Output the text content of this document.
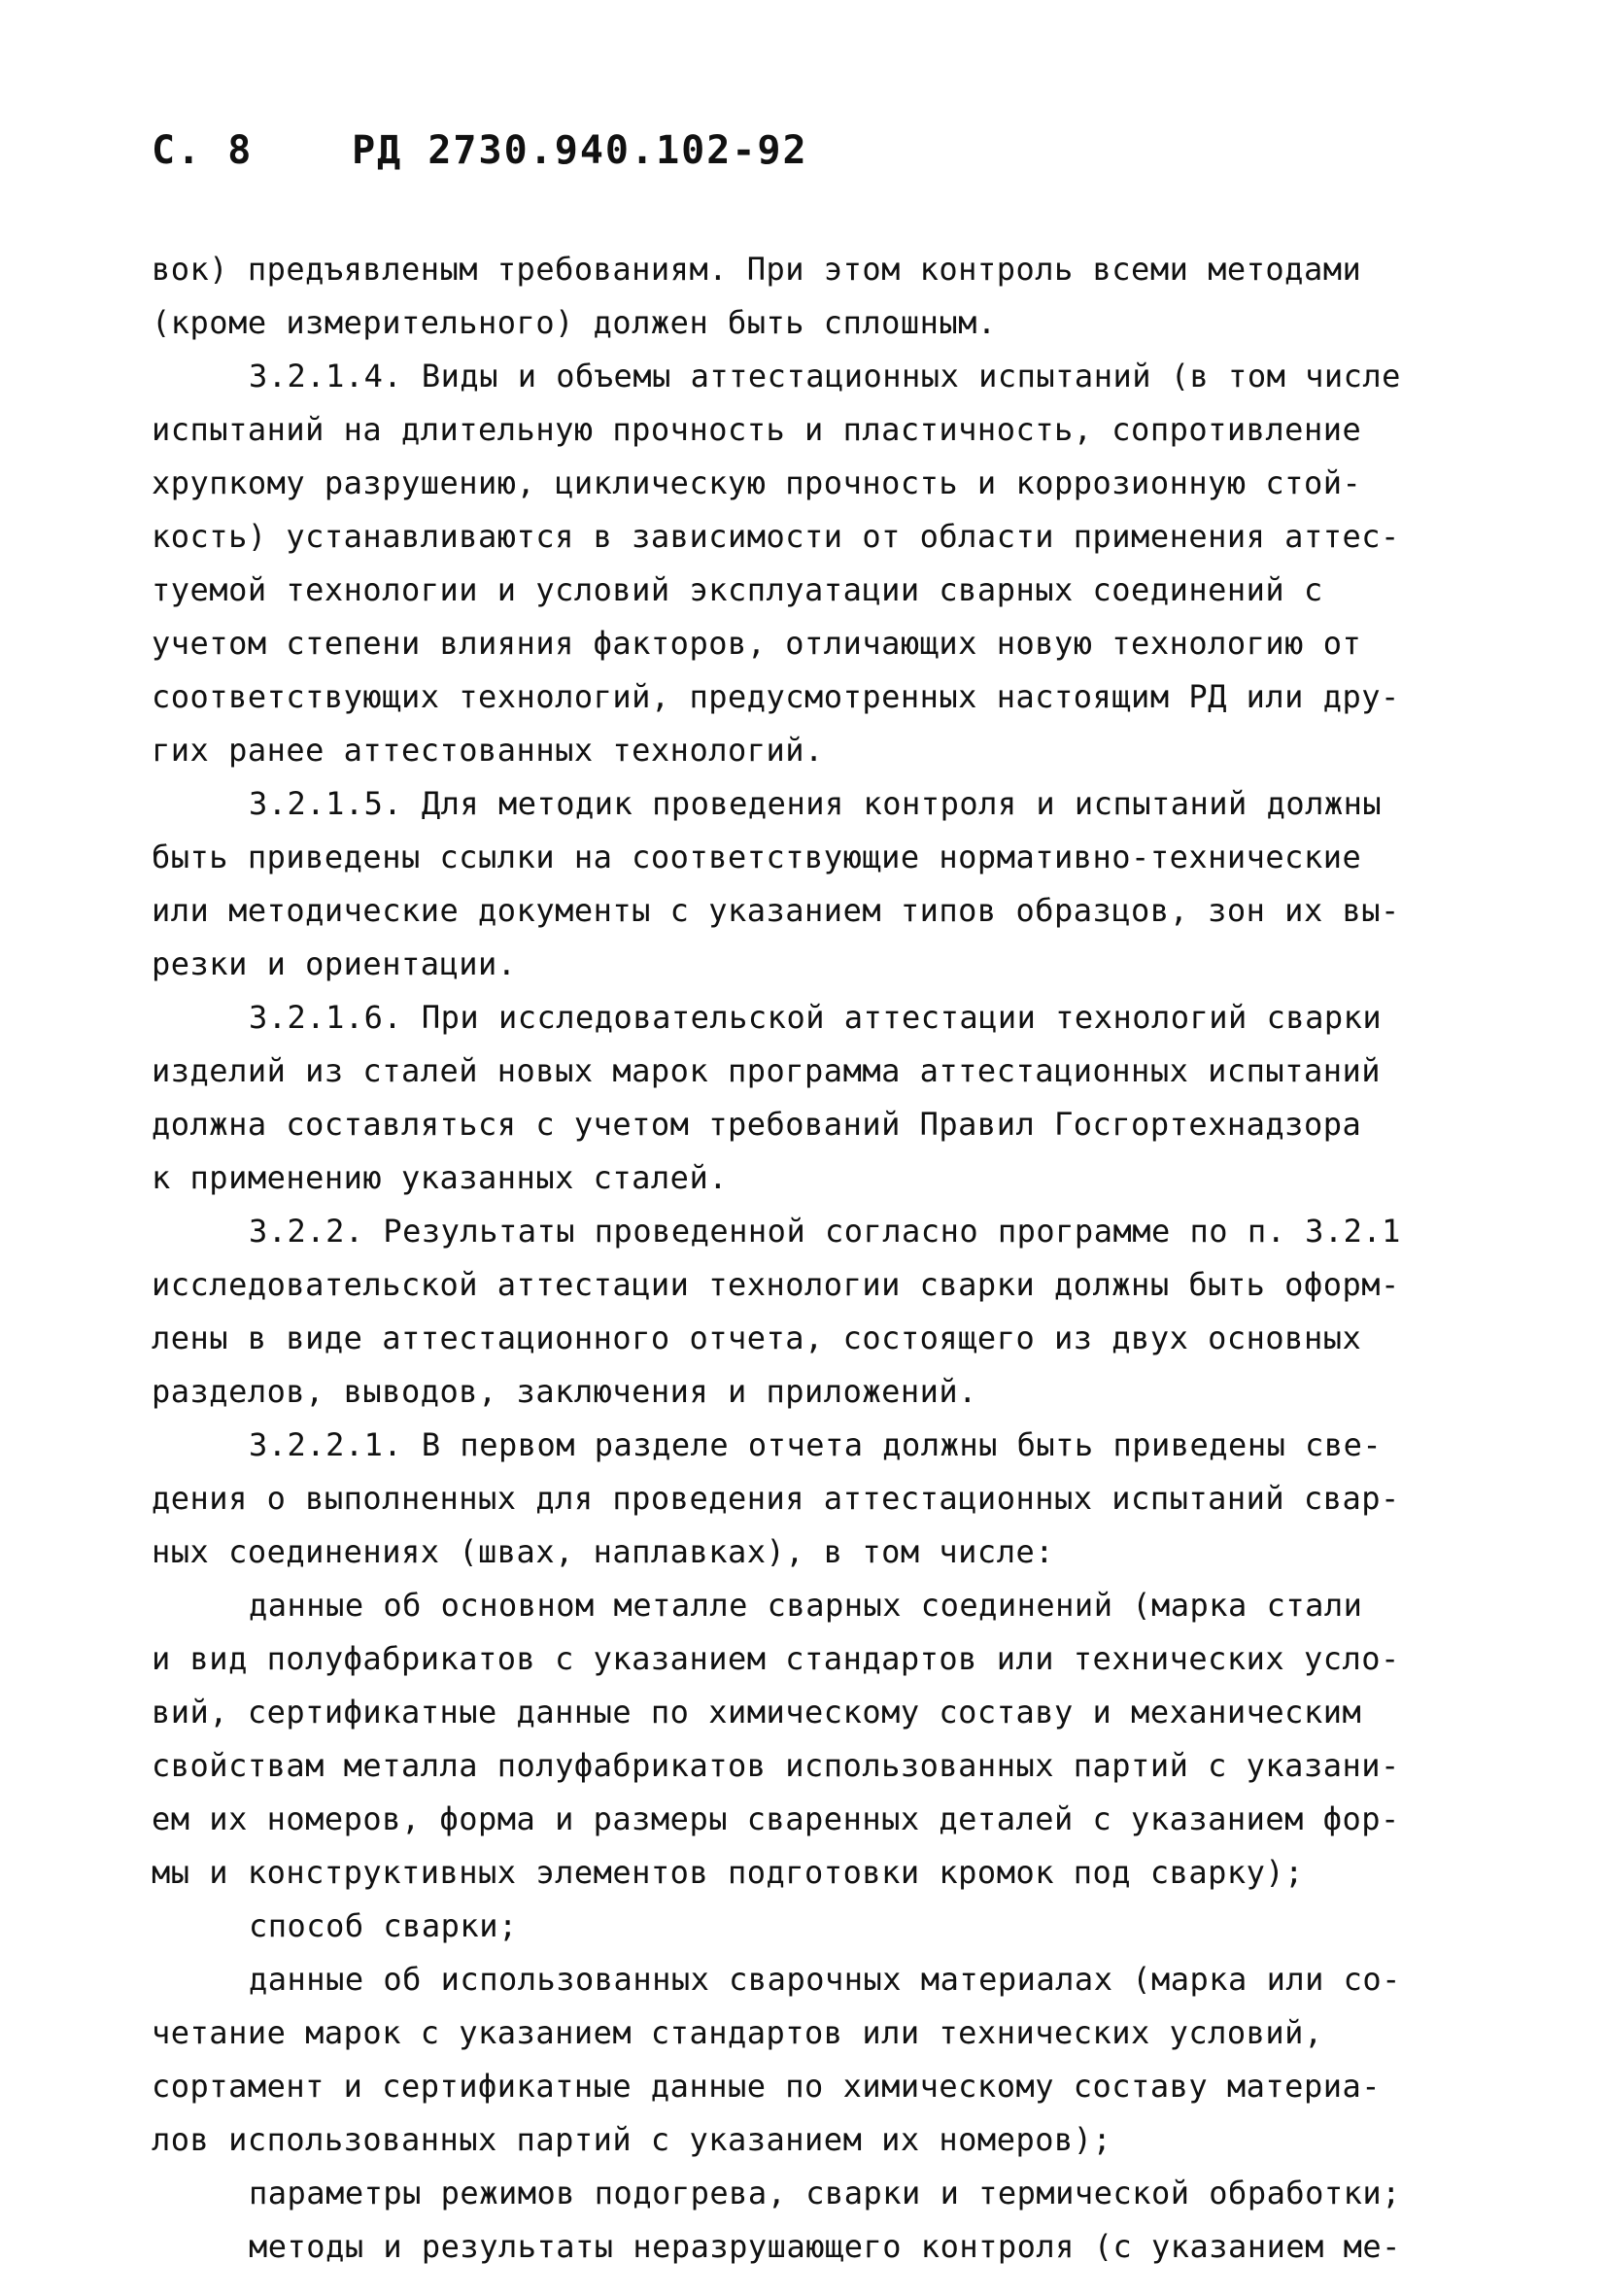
С. 8	РД 2730.940.102-92
вок) предъявленым требованиям. При этом контроль всеми методами
(кроме измерительного) должен быть сплошным.
3.2.1.4. Виды и объемы аттестационных испытаний (в том числе
испытаний на длительную прочность и пластичность, сопротивление
хрупкому разрушению, циклическую прочность и коррозионную стой-
кость) устанавливаются в зависимости от области применения аттес-
туемой технологии и условий эксплуатации сварных соединений с
учетом степени влияния факторов, отличающих новую технологию от
соответствующих технологий, предусмотренных настоящим РД или дру-
гих ранее аттестованных технологий.
3.2.1.5. Для методик проведения контроля и испытаний должны
быть приведены ссылки на соответствующие нормативно-технические
или методические документы с указанием типов образцов, зон их вы-
резки и ориентации.
3.2.1.6. При исследовательской аттестации технологий сварки
изделий из сталей новых марок программа аттестационных испытаний
должна составляться с учетом требований Правил Госгортехнадзора
к применению указанных сталей.
3.2.2. Результаты проведенной согласно программе по п. 3.2.1
исследовательской аттестации технологии сварки должны быть оформ-
лены в виде аттестационного отчета, состоящего из двух основных
разделов, выводов, заключения и приложений.
3.2.2.1. В первом разделе отчета должны быть приведены све-
дения о выполненных для проведения аттестационных испытаний свар-
ных соединениях (швах, наплавках), в том числе:
данные об основном металле сварных соединений (марка стали
и вид полуфабрикатов с указанием стандартов или технических усло-
вий, сертификатные данные по химическому составу и механическим
свойствам металла полуфабрикатов использованных партий с указани-
ем их номеров, форма и размеры сваренных деталей с указанием фор-
мы и конструктивных элементов подготовки кромок под сварку);
способ сварки;
данные об использованных сварочных материалах (марка или со-
четание марок с указанием стандартов или технических условий,
сортамент и сертификатные данные по химическому составу материа-
лов использованных партий с указанием их номеров);
параметры режимов подогрева, сварки и термической обработки;
методы и результаты неразрушающего контроля (с указанием ме-
